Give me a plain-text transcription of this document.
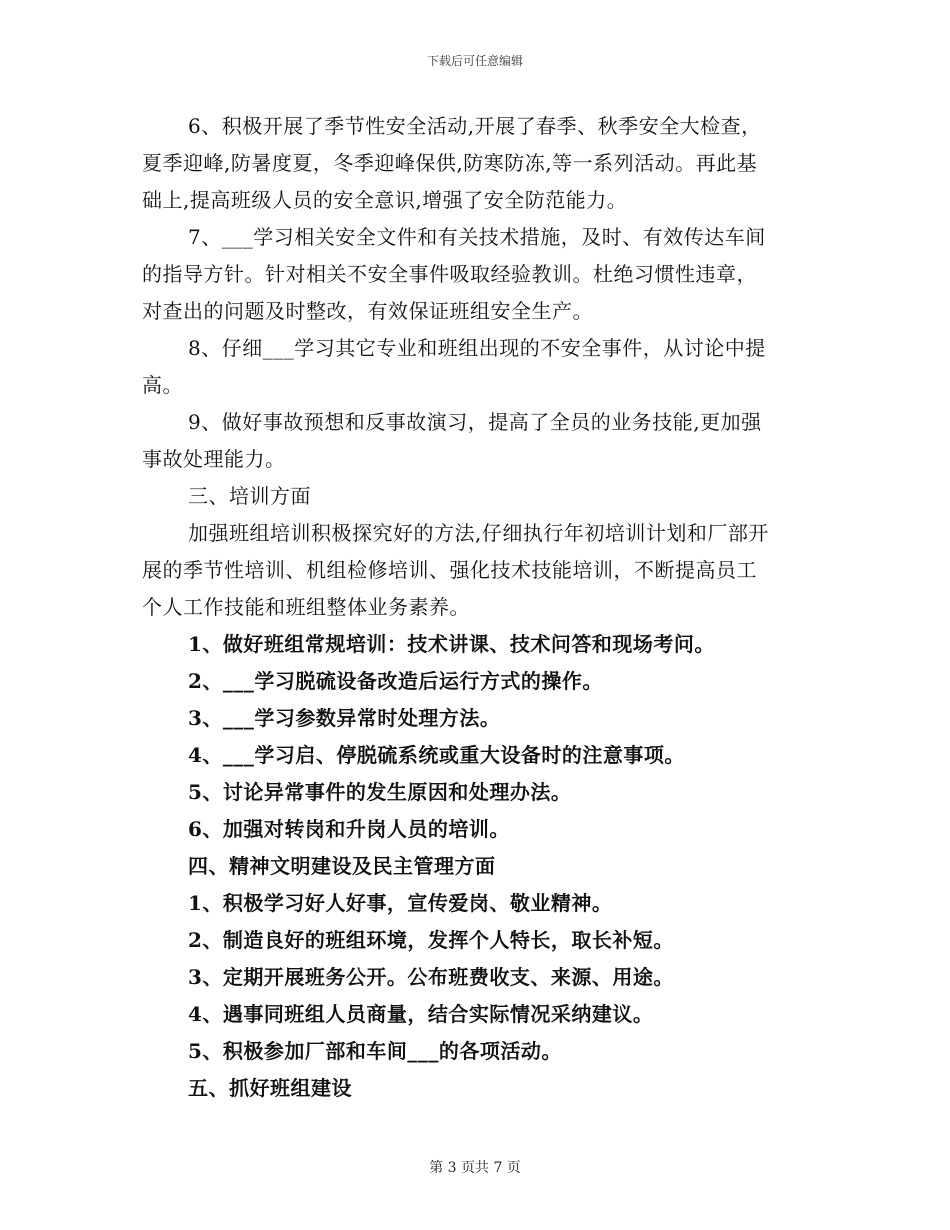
下载后可任意编辑
6、积极开展了季节性安全活动,开展了春季、秋季安全大检查，
夏季迎峰,防暑度夏，冬季迎峰保供,防寒防冻,等一系列活动。再此基
础上,提高班级人员的安全意识,增强了安全防范能力。
7、___学习相关安全文件和有关技术措施，及时、有效传达车间
的指导方针。针对相关不安全事件吸取经验教训。杜绝习惯性违章，
对查出的问题及时整改，有效保证班组安全生产。
8、仔细___学习其它专业和班组出现的不安全事件，从讨论中提
高。
9、做好事故预想和反事故演习，提高了全员的业务技能,更加强
事故处理能力。
三、培训方面
加强班组培训积极探究好的方法,仔细执行年初培训计划和厂部开
展的季节性培训、机组检修培训、强化技术技能培训，不断提高员工
个人工作技能和班组整体业务素养。
1、做好班组常规培训：技术讲课、技术问答和现场考问。
2、___学习脱硫设备改造后运行方式的操作。
3、___学习参数异常时处理方法。
4、___学习启、停脱硫系统或重大设备时的注意事项。
5、讨论异常事件的发生原因和处理办法。
6、加强对转岗和升岗人员的培训。
四、精神文明建设及民主管理方面
1、积极学习好人好事，宣传爱岗、敬业精神。
2、制造良好的班组环境，发挥个人特长，取长补短。
3、定期开展班务公开。公布班费收支、来源、用途。
4、遇事同班组人员商量，结合实际情况采纳建议。
5、积极参加厂部和车间___的各项活动。
五、抓好班组建设
第 3 页共 7 页
